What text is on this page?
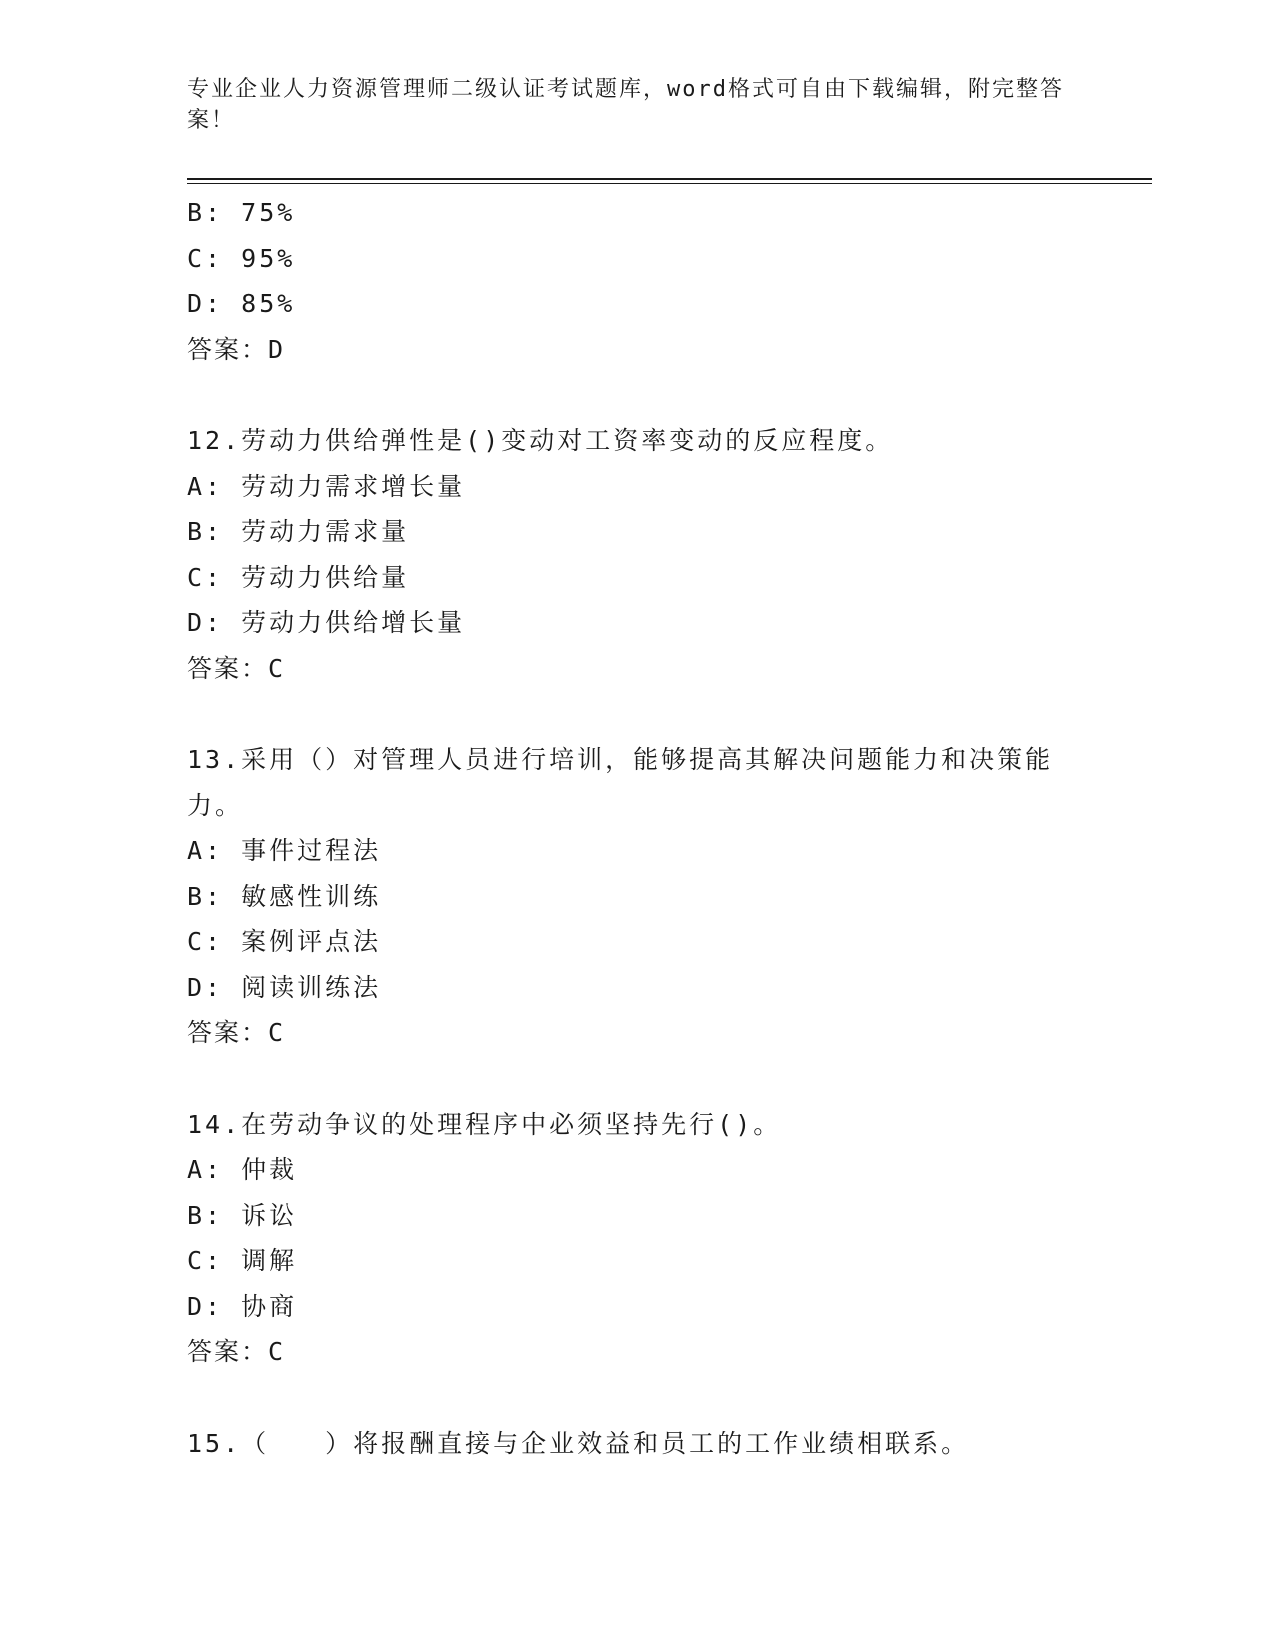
专业企业人力资源管理师二级认证考试题库，word格式可自由下载编辑，附完整答案！
B: 75%
C: 95%
D: 85%
答案：D
12.劳动力供给弹性是()变动对工资率变动的反应程度。
A: 劳动力需求增长量
B: 劳动力需求量
C: 劳动力供给量
D: 劳动力供给增长量
答案：C
13.采用（）对管理人员进行培训，能够提高其解决问题能力和决策能力。
A: 事件过程法
B: 敏感性训练
C: 案例评点法
D: 阅读训练法
答案：C
14.在劳动争议的处理程序中必须坚持先行()。
A: 仲裁
B: 诉讼
C: 调解
D: 协商
答案：C
15.（　　）将报酬直接与企业效益和员工的工作业绩相联系。
